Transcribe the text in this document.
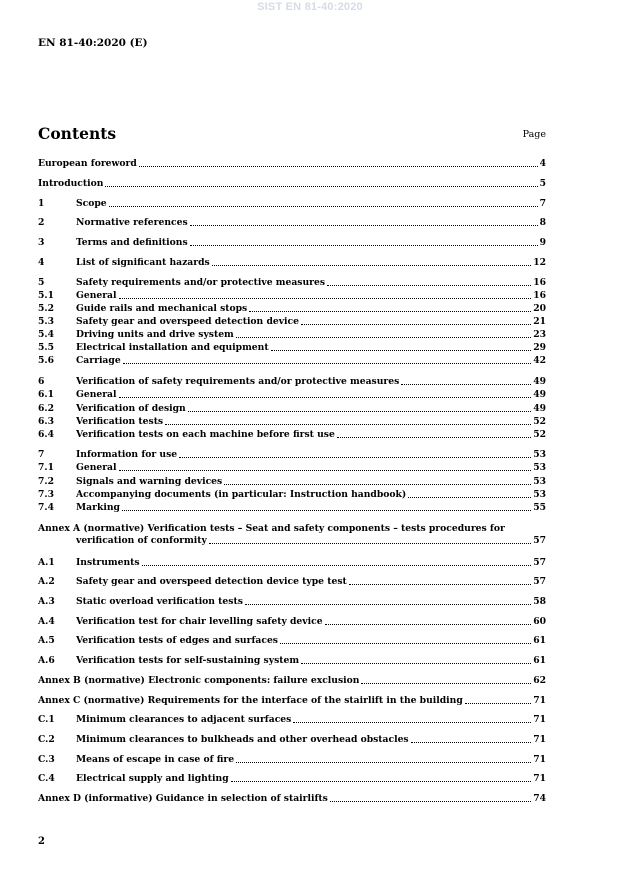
SIST EN 81-40:2020
EN 81-40:2020 (E)
Contents	Page
European foreword	4
Introduction	5
1	Scope	7
2	Normative references	8
3	Terms and definitions	9
4	List of significant hazards	12
5	Safety requirements and/or protective measures	16
5.1	General	16
5.2	Guide rails and mechanical stops	20
5.3	Safety gear and overspeed detection device	21
5.4	Driving units and drive system	23
5.5	Electrical installation and equipment	29
5.6	Carriage	42
6	Verification of safety requirements and/or protective measures	49
6.1	General	49
6.2	Verification of design	49
6.3	Verification tests	52
6.4	Verification tests on each machine before first use	52
7	Information for use	53
7.1	General	53
7.2	Signals and warning devices	53
7.3	Accompanying documents (in particular: Instruction handbook)	53
7.4	Marking	55
Annex A (normative) Verification tests – Seat and safety components – tests procedures for
verification of conformity	57
A.1	Instruments	57
A.2	Safety gear and overspeed detection device type test	57
A.3	Static overload verification tests	58
A.4	Verification test for chair levelling safety device	60
A.5	Verification tests of edges and surfaces	61
A.6	Verification tests for self-sustaining system	61
Annex B (normative) Electronic components: failure exclusion	62
Annex C (normative) Requirements for the interface of the stairlift in the building	71
C.1	Minimum clearances to adjacent surfaces	71
C.2	Minimum clearances to bulkheads and other overhead obstacles	71
C.3	Means of escape in case of fire	71
C.4	Electrical supply and lighting	71
Annex D (informative) Guidance in selection of stairlifts	74
2
